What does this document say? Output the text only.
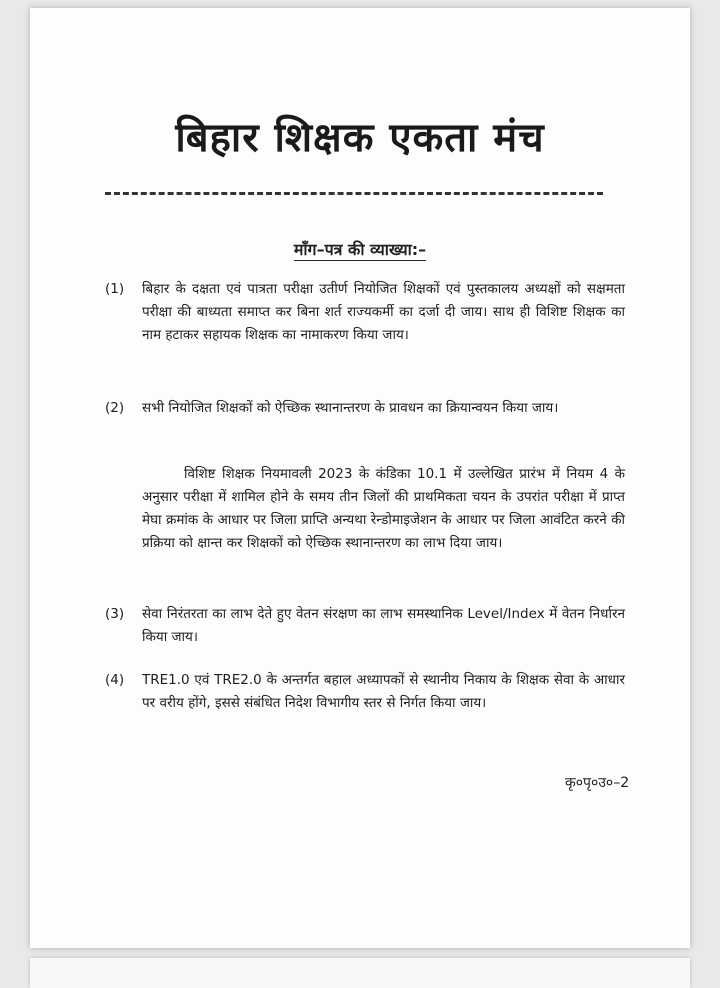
बिहार शिक्षक एकता मंच
माँग–पत्र की व्याख्या:–
(1)	बिहार के दक्षता एवं पात्रता परीक्षा उतीर्ण नियोजित शिक्षकों एवं पुस्तकालय अध्यक्षों को सक्षमता परीक्षा की बाध्यता समाप्त कर बिना शर्त राज्यकर्मी का दर्जा दी जाय। साथ ही विशिष्ट शिक्षक का नाम हटाकर सहायक शिक्षक का नामाकरण किया जाय।
(2)	सभी नियोजित शिक्षकों को ऐच्छिक स्थानान्तरण के प्रावधन का क्रियान्वयन किया जाय।
विशिष्ट शिक्षक नियमावली 2023 के कंडिका 10.1 में उल्लेखित प्रारंभ में नियम 4 के अनुसार परीक्षा में शामिल होने के समय तीन जिलों की प्राथमिकता चयन के उपरांत परीक्षा में प्राप्त मेघा क्रमांक के आधार पर जिला प्राप्ति अन्यथा रेन्डोमाइजेशन के आधार पर जिला आवंटित करने की प्रक्रिया को क्षान्त कर शिक्षकों को ऐच्छिक स्थानान्तरण का लाभ दिया जाय।
(3)	सेवा निरंतरता का लाभ देते हुए वेतन संरक्षण का लाभ समस्थानिक Level/Index में वेतन निर्धारन किया जाय।
(4)	TRE1.0 एवं TRE2.0 के अन्तर्गत बहाल अध्यापकों से स्थानीय निकाय के शिक्षक सेवा के आधार पर वरीय होंगे, इससे संबंधित निदेश विभागीय स्तर से निर्गत किया जाय।
कृ०पृ०उ०–2
